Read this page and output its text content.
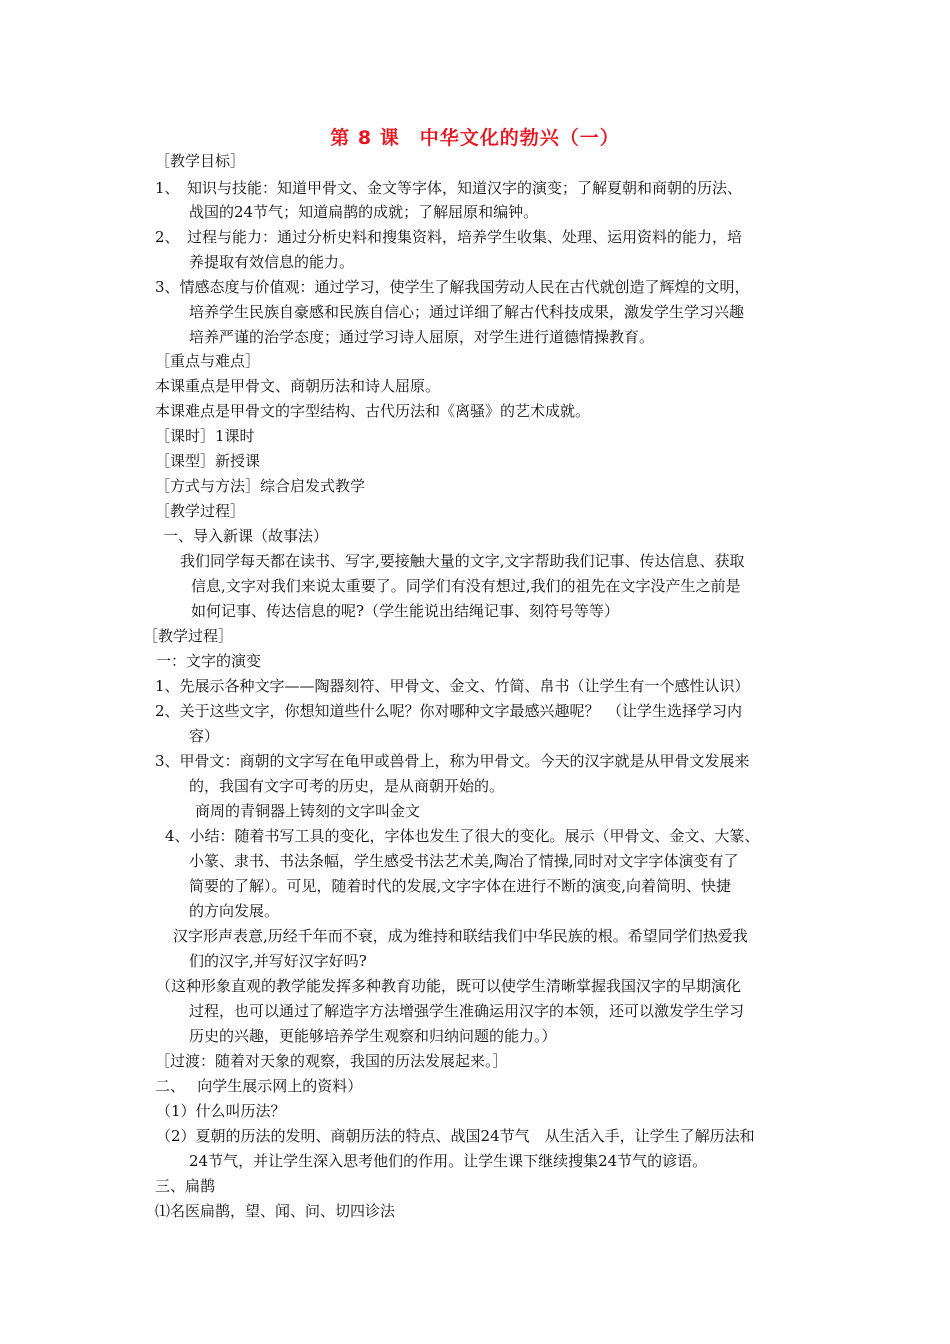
第 8 课　中华文化的勃兴（一）
［教学目标］
1、　知识与技能：知道甲骨文、金文等字体，知道汉字的演变；了解夏朝和商朝的历法、
战国的24节气；知道扁鹊的成就；了解屈原和编钟。
2、　过程与能力：通过分析史料和搜集资料，培养学生收集、处理、运用资料的能力，培
养提取有效信息的能力。
3、情感态度与价值观：通过学习，使学生了解我国劳动人民在古代就创造了辉煌的文明，
培养学生民族自豪感和民族自信心；通过详细了解古代科技成果，激发学生学习兴趣
培养严谨的治学态度；通过学习诗人屈原，对学生进行道德情操教育。
［重点与难点］
本课重点是甲骨文、商朝历法和诗人屈原。
本课难点是甲骨文的字型结构、古代历法和《离骚》的艺术成就。
［课时］1课时
［课型］新授课
［方式与方法］综合启发式教学
［教学过程］
一、导入新课（故事法）
我们同学每天都在读书、写字,要接触大量的文字,文字帮助我们记事、传达信息、获取
信息,文字对我们来说太重要了。同学们有没有想过,我们的祖先在文字没产生之前是
如何记事、传达信息的呢?（学生能说出结绳记事、刻符号等等）
［教学过程］
一：文字的演变
1、先展示各种文字——陶器刻符、甲骨文、金文、竹简、帛书（让学生有一个感性认识）
2、关于这些文字，你想知道些什么呢？你对哪种文字最感兴趣呢？　（让学生选择学习内
容）
3、甲骨文：商朝的文字写在龟甲或兽骨上，称为甲骨文。今天的汉字就是从甲骨文发展来
的，我国有文字可考的历史，是从商朝开始的。
商周的青铜器上铸刻的文字叫金文
4、小结：随着书写工具的变化，字体也发生了很大的变化。展示（甲骨文、金文、大篆、
小篆、隶书、书法条幅，学生感受书法艺术美,陶冶了情操,同时对文字字体演变有了
简要的了解）。可见，随着时代的发展,文字字体在进行不断的演变,向着简明、快捷
的方向发展。
汉字形声表意,历经千年而不衰，成为维持和联结我们中华民族的根。希望同学们热爱我
们的汉字,并写好汉字好吗?
（这种形象直观的教学能发挥多种教育功能，既可以使学生清晰掌握我国汉字的早期演化
过程，也可以通过了解造字方法增强学生准确运用汉字的本领，还可以激发学生学习
历史的兴趣，更能够培养学生观察和归纳问题的能力。）
［过渡：随着对天象的观察，我国的历法发展起来。］
二、　 向学生展示网上的资料）
（1）什么叫历法？
（2）夏朝的历法的发明、商朝历法的特点、战国24节气　从生活入手，让学生了解历法和
24节气，并让学生深入思考他们的作用。让学生课下继续搜集24节气的谚语。
三、扁鹊
⑴名医扁鹊，望、闻、问、切四诊法
